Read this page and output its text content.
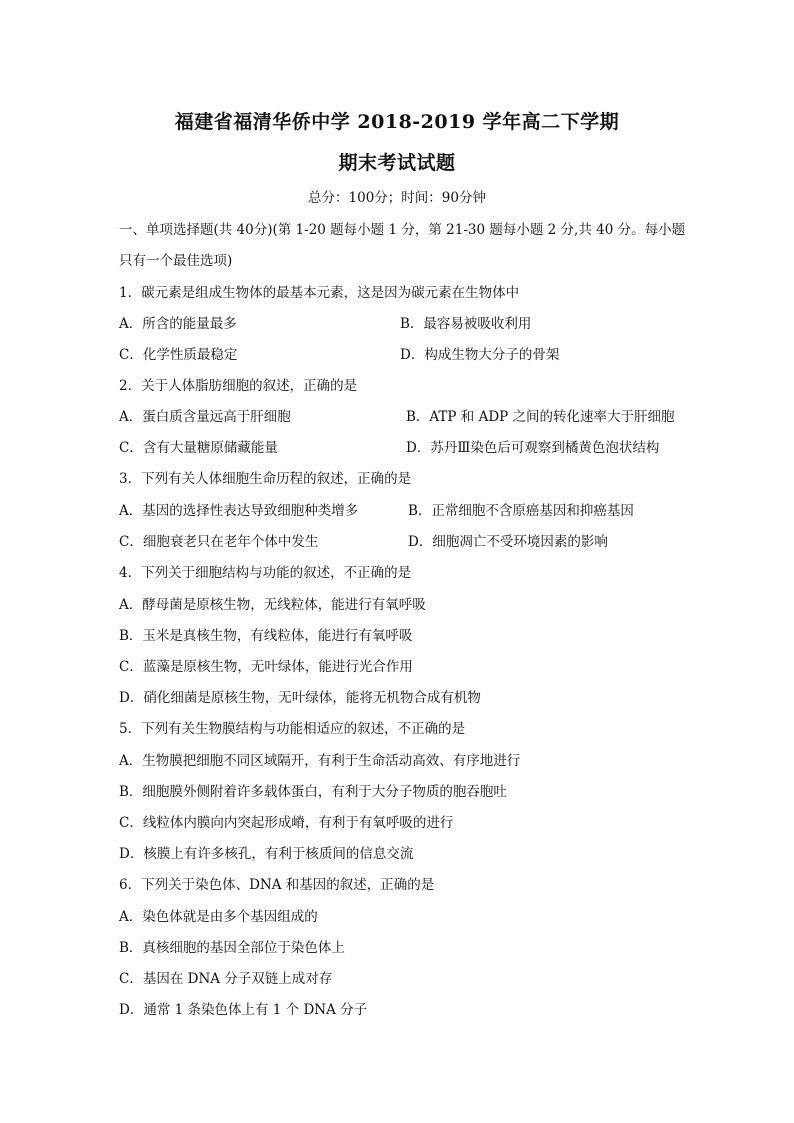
福建省福清华侨中学 2018-2019 学年高二下学期
期末考试试题
总分：100分；时间：90分钟
一、单项选择题(共 40分)(第 1-20 题每小题 1 分，第 21-30 题每小题 2 分,共 40 分。每小题
只有一个最佳选项)
1．碳元素是组成生物体的最基本元素，这是因为碳元素在生物体中
A．所含的能量最多	B．最容易被吸收利用
C．化学性质最稳定	D．构成生物大分子的骨架
2．关于人体脂肪细胞的叙述，正确的是
A．蛋白质含量远高于肝细胞	B．ATP 和 ADP 之间的转化速率大于肝细胞
C．含有大量糖原储藏能量	D．苏丹Ⅲ染色后可观察到橘黄色泡状结构
3．下列有关人体细胞生命历程的叙述，正确的是
A．基因的选择性表达导致细胞种类增多	B．正常细胞不含原癌基因和抑癌基因
C．细胞衰老只在老年个体中发生	D．细胞凋亡不受环境因素的影响
4．下列关于细胞结构与功能的叙述，不正确的是
A．酵母菌是原核生物，无线粒体，能进行有氧呼吸
B．玉米是真核生物，有线粒体，能进行有氧呼吸
C．蓝藻是原核生物，无叶绿体，能进行光合作用
D．硝化细菌是原核生物，无叶绿体，能将无机物合成有机物
5．下列有关生物膜结构与功能相适应的叙述，不正确的是
A．生物膜把细胞不同区域隔开，有利于生命活动高效、有序地进行
B．细胞膜外侧附着许多载体蛋白，有利于大分子物质的胞吞胞吐
C．线粒体内膜向内突起形成嵴，有利于有氧呼吸的进行
D．核膜上有许多核孔，有利于核质间的信息交流
6．下列关于染色体、DNA 和基因的叙述，正确的是
A．染色体就是由多个基因组成的
B．真核细胞的基因全部位于染色体上
C．基因在 DNA 分子双链上成对存
D．通常 1 条染色体上有 1 个 DNA 分子
